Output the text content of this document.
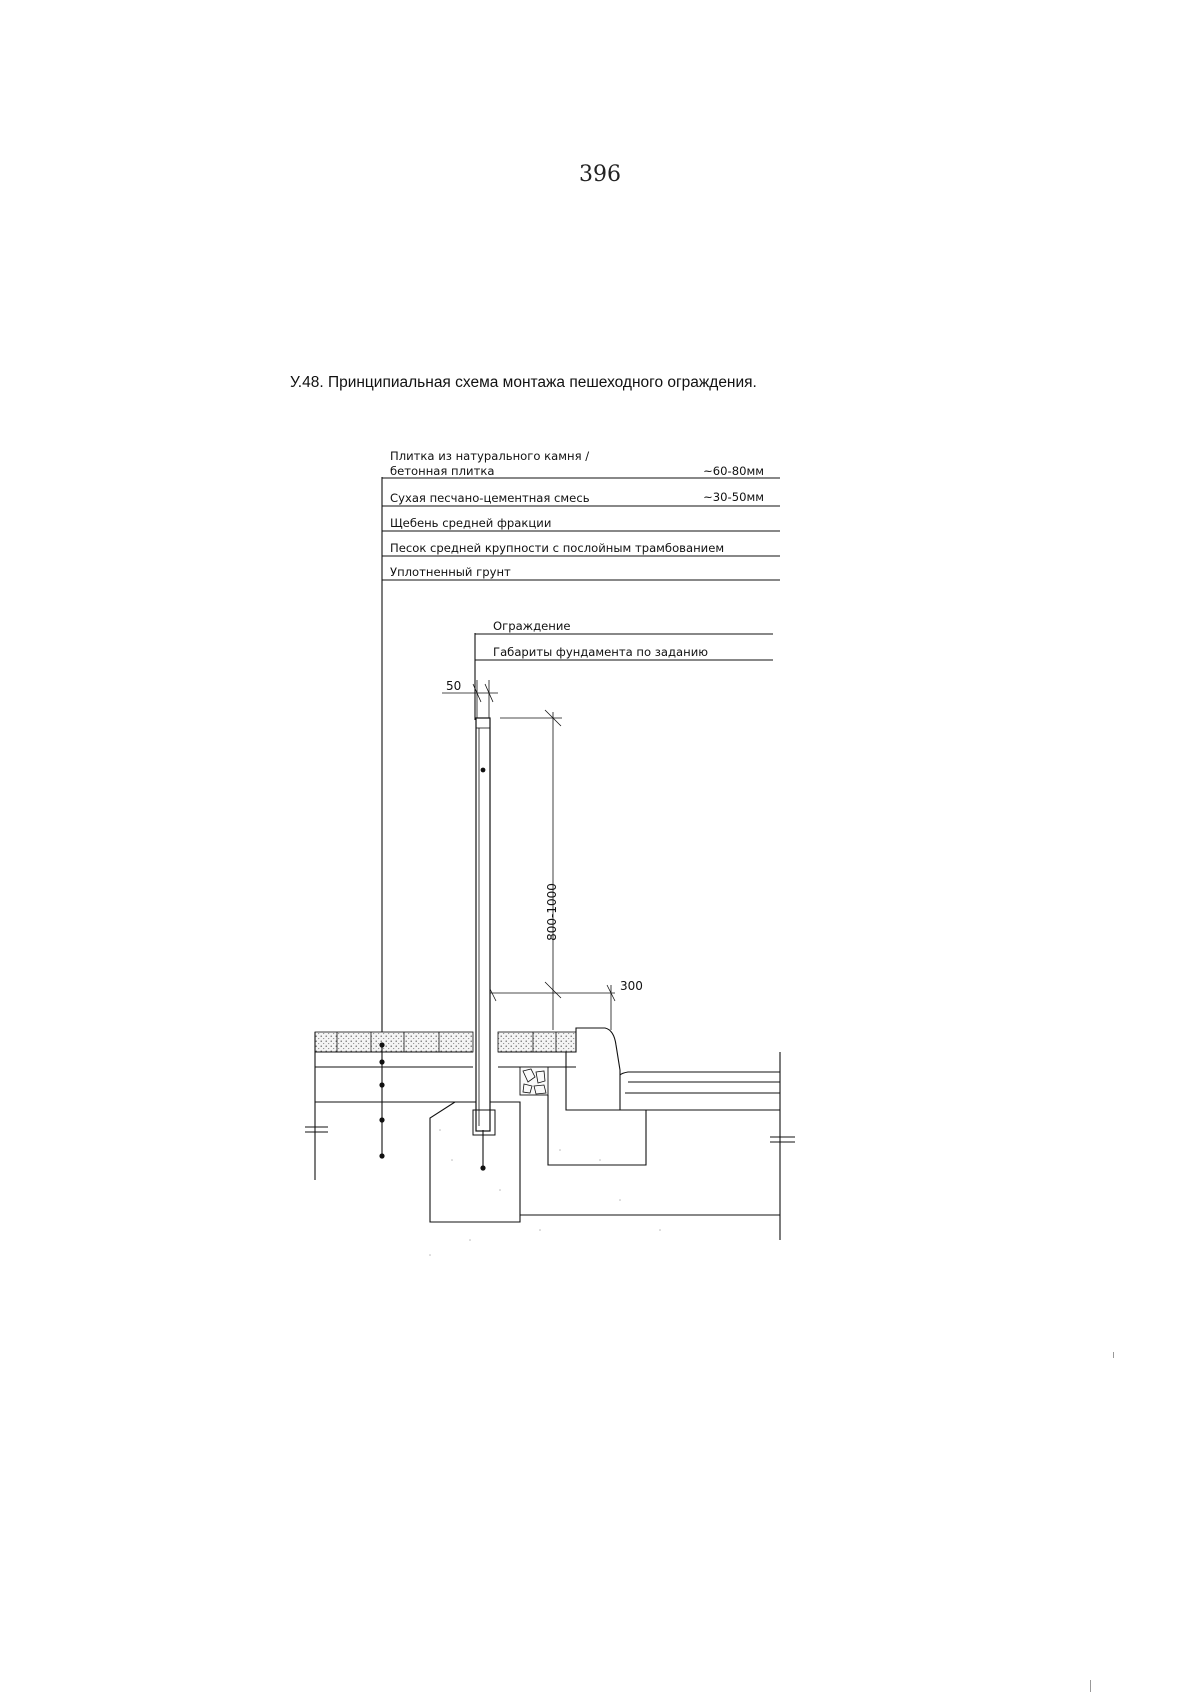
396
У.48. Принципиальная схема монтажа пешеходного ограждения.
Плитка из натурального камня /
бетонная плитка	~60-80мм
Сухая песчано-цементная смесь	~30-50мм
Щебень средней фракции
Песок средней крупности с послойным трамбованием
Уплотненный грунт
Ограждение
Габариты фундамента по заданию
50
800-1000
300
